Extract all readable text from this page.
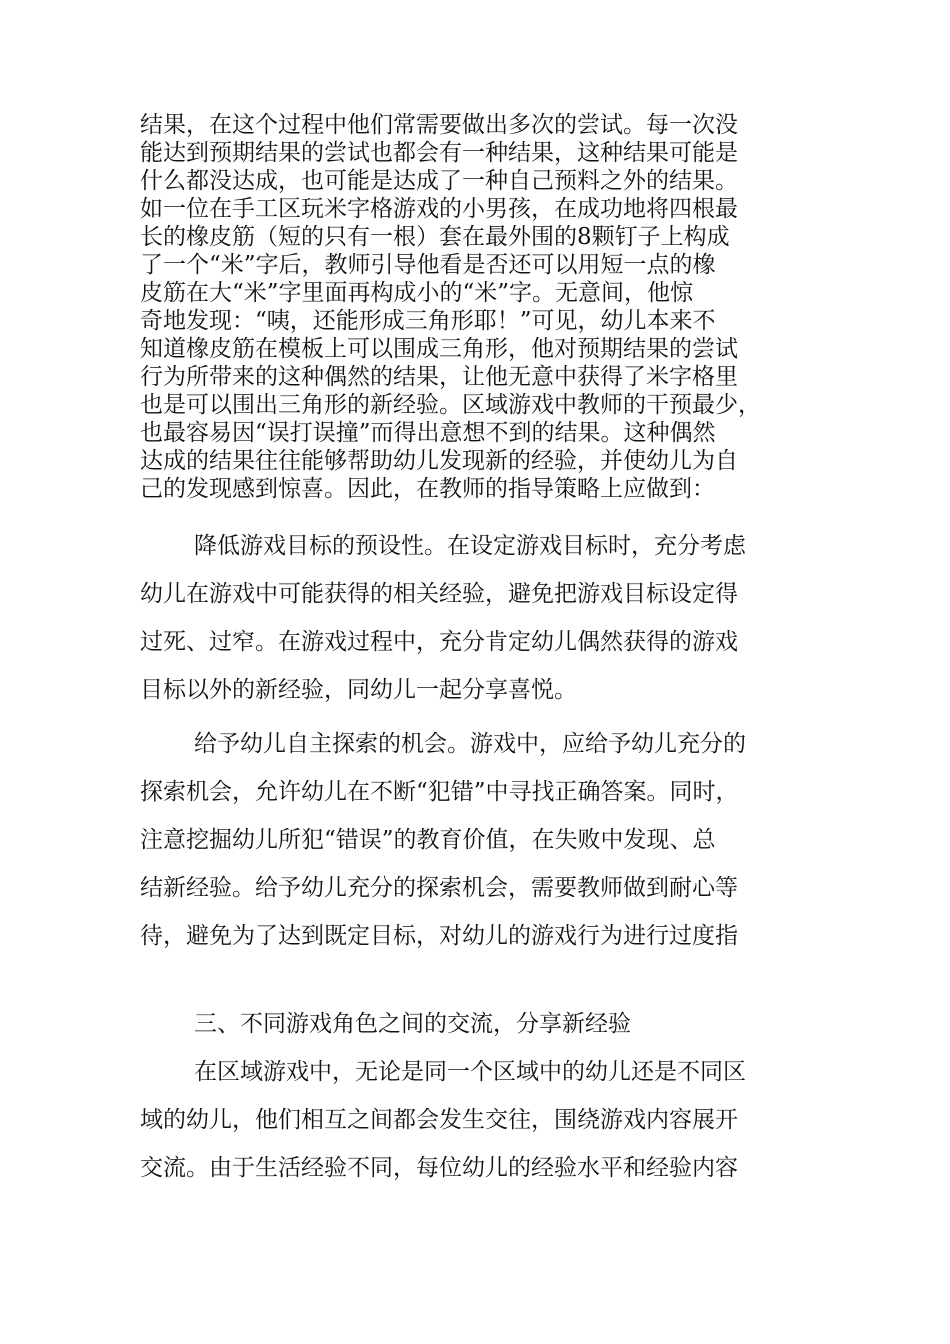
结果，在这个过程中他们常需要做出多次的尝试。每一次没
能达到预期结果的尝试也都会有一种结果，这种结果可能是
什么都没达成，也可能是达成了一种自己预料之外的结果。
如一位在手工区玩米字格游戏的小男孩，在成功地将四根最
长的橡皮筋（短的只有一根）套在最外围的8颗钉子上构成
了一个“米”字后，教师引导他看是否还可以用短一点的橡
皮筋在大“米”字里面再构成小的“米”字。无意间，他惊
奇地发现：“咦，还能形成三角形耶！”可见，幼儿本来不
知道橡皮筋在模板上可以围成三角形，他对预期结果的尝试
行为所带来的这种偶然的结果，让他无意中获得了米字格里
也是可以围出三角形的新经验。区域游戏中教师的干预最少，
也最容易因“误打误撞”而得出意想不到的结果。这种偶然
达成的结果往往能够帮助幼儿发现新的经验，并使幼儿为自
己的发现感到惊喜。因此，在教师的指导策略上应做到：
降低游戏目标的预设性。在设定游戏目标时，充分考虑
幼儿在游戏中可能获得的相关经验，避免把游戏目标设定得
过死、过窄。在游戏过程中，充分肯定幼儿偶然获得的游戏
目标以外的新经验，同幼儿一起分享喜悦。
给予幼儿自主探索的机会。游戏中，应给予幼儿充分的
探索机会，允许幼儿在不断“犯错”中寻找正确答案。同时，
注意挖掘幼儿所犯“错误”的教育价值，在失败中发现、总
结新经验。给予幼儿充分的探索机会，需要教师做到耐心等
待，避免为了达到既定目标，对幼儿的游戏行为进行过度指
三、不同游戏角色之间的交流，分享新经验
在区域游戏中，无论是同一个区域中的幼儿还是不同区
域的幼儿，他们相互之间都会发生交往，围绕游戏内容展开
交流。由于生活经验不同，每位幼儿的经验水平和经验内容
